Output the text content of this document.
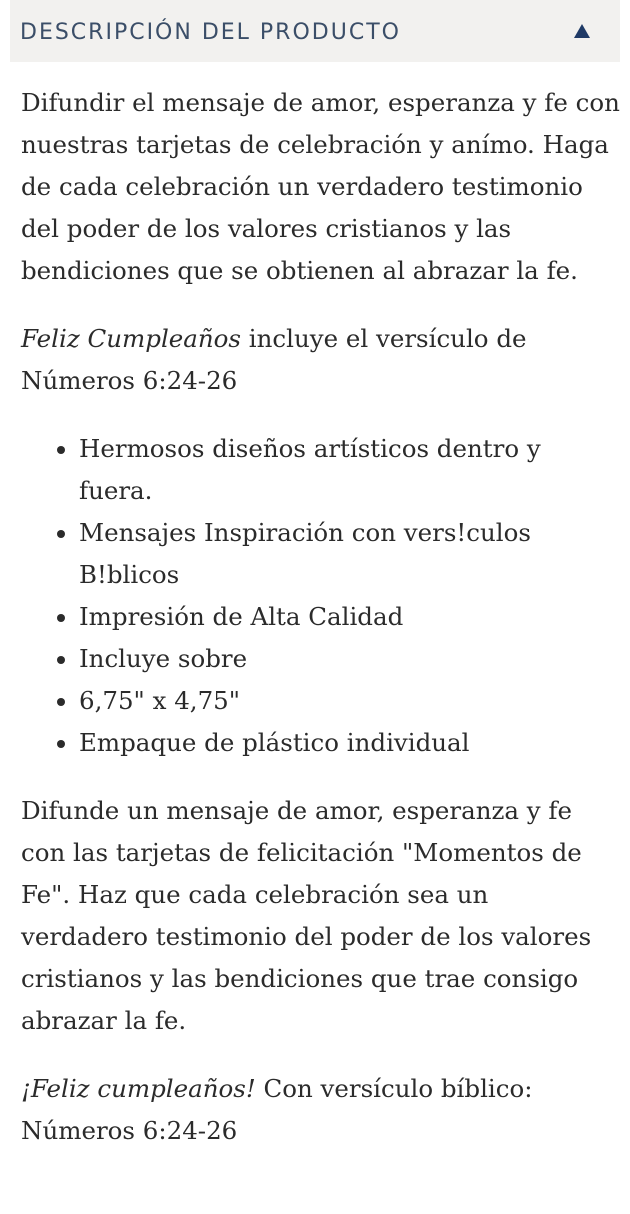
DESCRIPCIÓN DEL PRODUCTO

Difundir el mensaje de amor, esperanza y fe con nuestras tarjetas de celebración y anímo. Haga de cada celebración un verdadero testimonio del poder de los valores cristianos y las bendiciones que se obtienen al abrazar la fe.

Feliz Cumpleaños incluye el versículo de Números 6:24-26

Hermosos diseños artísticos dentro y fuera.
Mensajes Inspiración con vers!culos B!blicos
Impresión de Alta Calidad
Incluye sobre
6,75" x 4,75"
Empaque de plástico individual

Difunde un mensaje de amor, esperanza y fe con las tarjetas de felicitación "Momentos de Fe". Haz que cada celebración sea un verdadero testimonio del poder de los valores cristianos y las bendiciones que trae consigo abrazar la fe.

¡Feliz cumpleaños! Con versículo bíblico: Números 6:24-26
